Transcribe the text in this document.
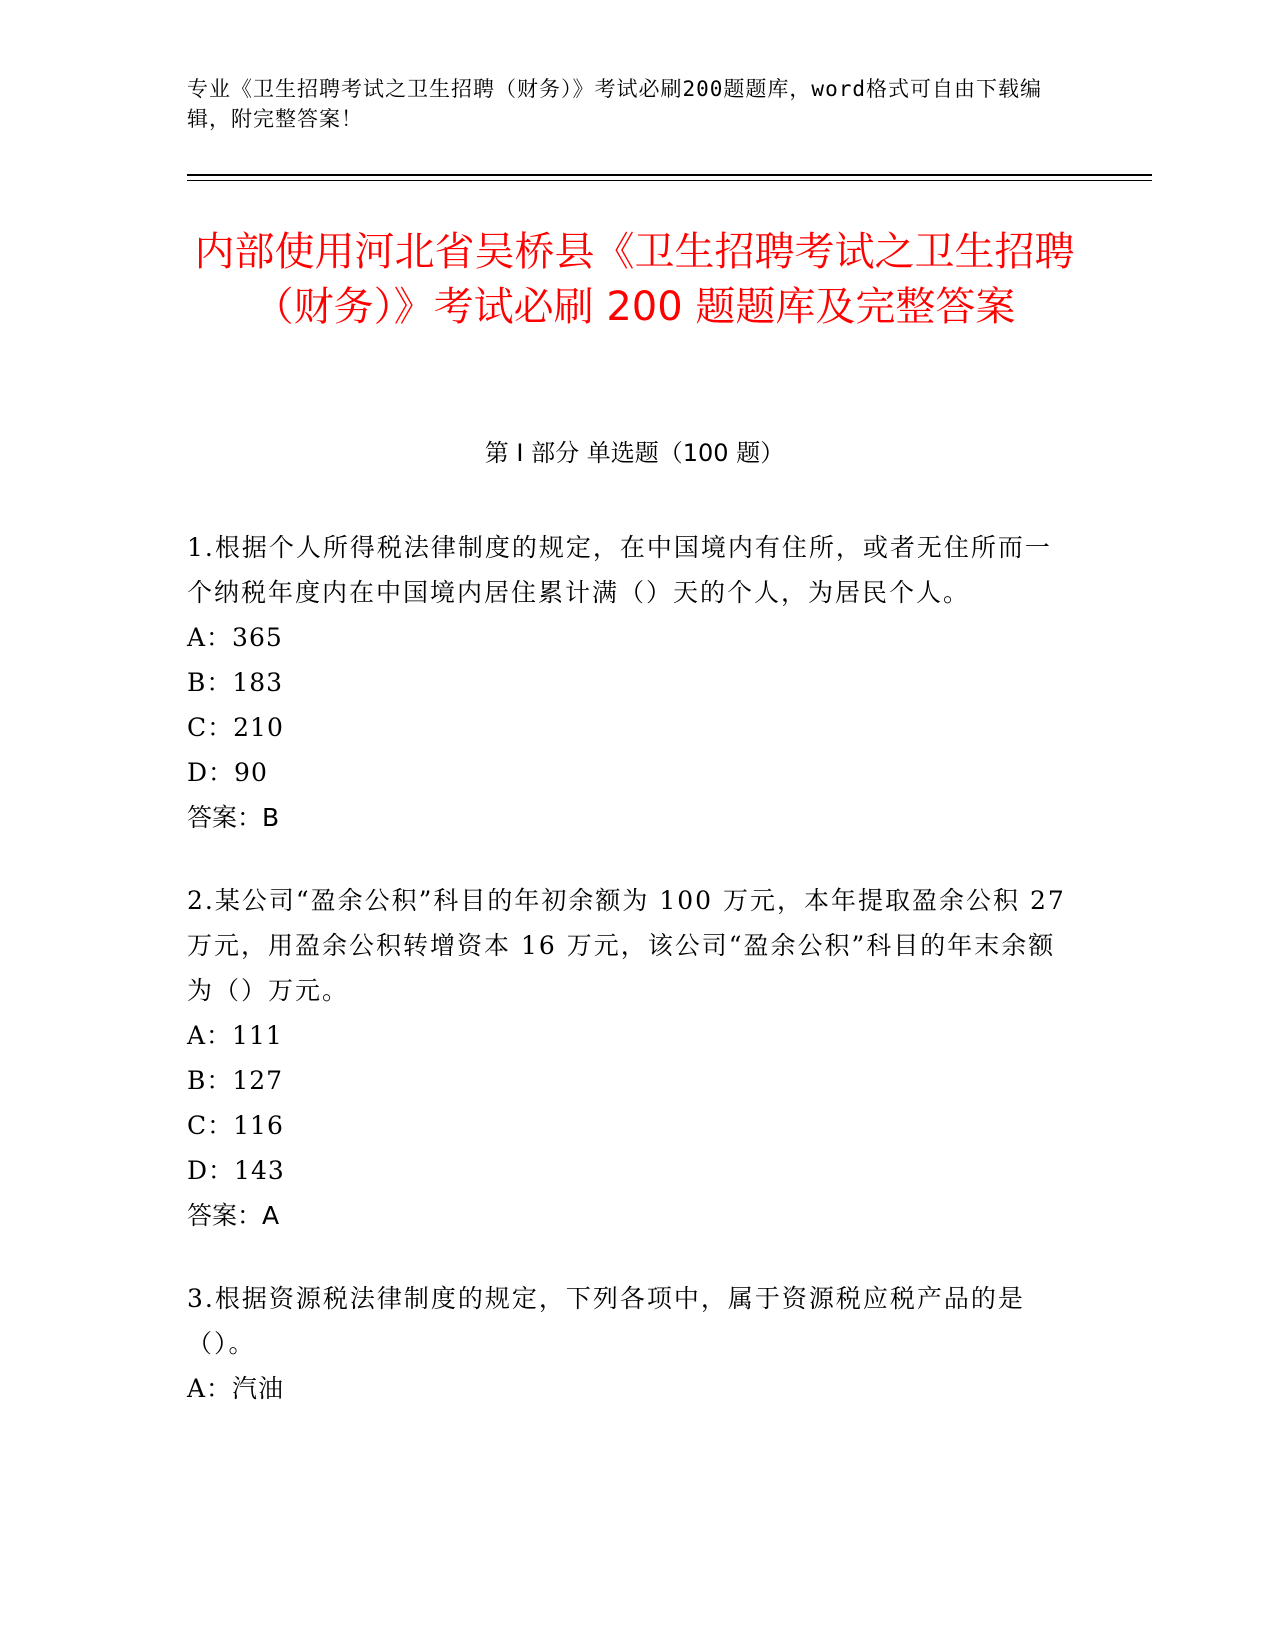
专业《卫生招聘考试之卫生招聘（财务）》考试必刷200题题库，word格式可自由下载编辑，附完整答案！
内部使用河北省吴桥县《卫生招聘考试之卫生招聘（财务）》考试必刷 200 题题库及完整答案
第 I 部分 单选题（100 题）
1.根据个人所得税法律制度的规定，在中国境内有住所，或者无住所而一个纳税年度内在中国境内居住累计满（）天的个人，为居民个人。
A：365
B：183
C：210
D：90
答案：B
2.某公司“盈余公积”科目的年初余额为 100 万元，本年提取盈余公积 27 万元，用盈余公积转增资本 16 万元，该公司“盈余公积”科目的年末余额为（）万元。
A：111
B：127
C：116
D：143
答案：A
3.根据资源税法律制度的规定，下列各项中，属于资源税应税产品的是（）。
A：汽油
